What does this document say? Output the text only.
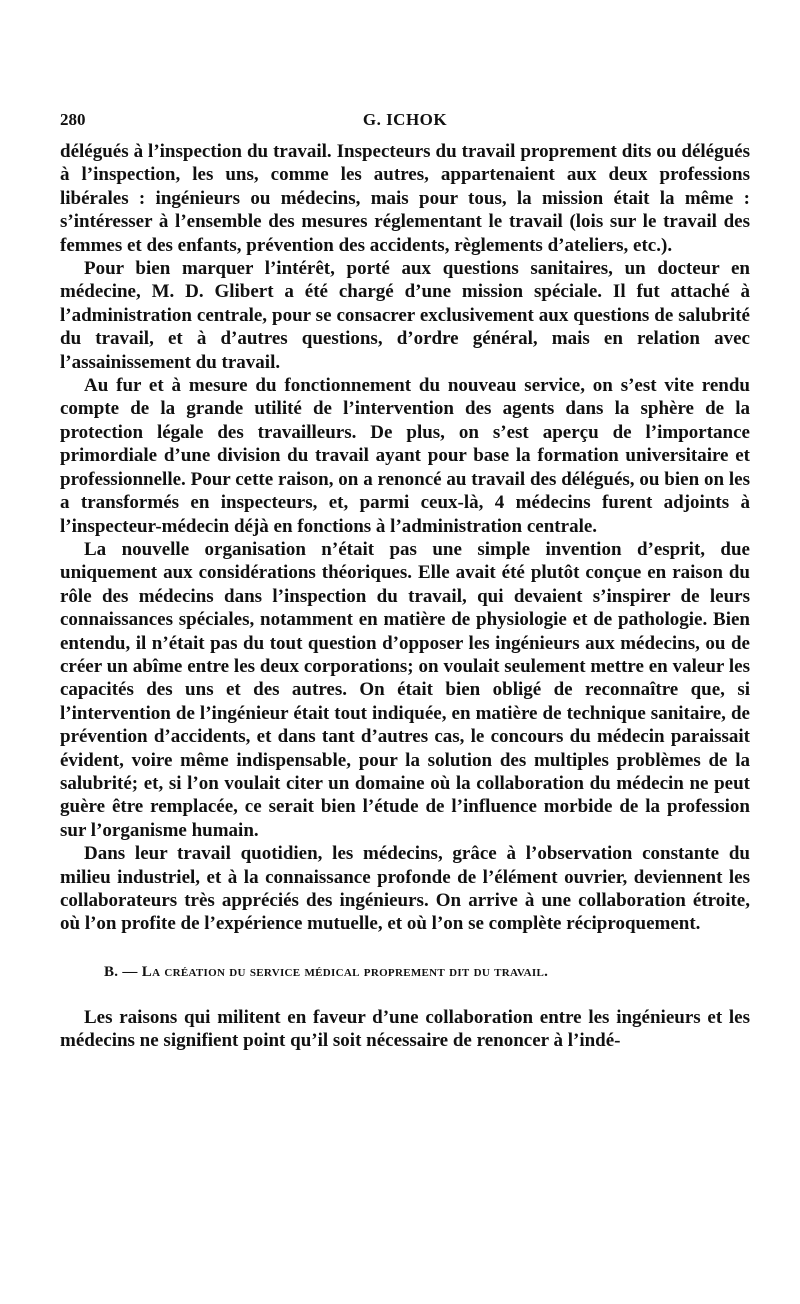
280	G. ICHOK

délégués à l’inspection du travail. Inspecteurs du travail proprement dits ou délégués à l’inspection, les uns, comme les autres, appartenaient aux deux professions libérales : ingénieurs ou médecins, mais pour tous, la mission était la même : s’intéresser à l’ensemble des mesures réglementant le travail (lois sur le travail des femmes et des enfants, prévention des accidents, règlements d’ateliers, etc.).

Pour bien marquer l’intérêt, porté aux questions sanitaires, un docteur en médecine, M. D. Glibert a été chargé d’une mission spéciale. Il fut attaché à l’administration centrale, pour se consacrer exclusivement aux questions de salubrité du travail, et à d’autres questions, d’ordre général, mais en relation avec l’assainissement du travail.

Au fur et à mesure du fonctionnement du nouveau service, on s’est vite rendu compte de la grande utilité de l’intervention des agents dans la sphère de la protection légale des travailleurs. De plus, on s’est aperçu de l’importance primordiale d’une division du travail ayant pour base la formation universitaire et professionnelle. Pour cette raison, on a renoncé au travail des délégués, ou bien on les a transformés en inspecteurs, et, parmi ceux-là, 4 médecins furent adjoints à l’inspecteur-médecin déjà en fonctions à l’administration centrale.

La nouvelle organisation n’était pas une simple invention d’esprit, due uniquement aux considérations théoriques. Elle avait été plutôt conçue en raison du rôle des médecins dans l’inspection du travail, qui devaient s’inspirer de leurs connaissances spéciales, notamment en matière de physiologie et de pathologie. Bien entendu, il n’était pas du tout question d’opposer les ingénieurs aux médecins, ou de créer un abîme entre les deux corporations; on voulait seulement mettre en valeur les capacités des uns et des autres. On était bien obligé de reconnaître que, si l’intervention de l’ingénieur était tout indiquée, en matière de technique sanitaire, de prévention d’accidents, et dans tant d’autres cas, le concours du médecin paraissait évident, voire même indispensable, pour la solution des multiples problèmes de la salubrité; et, si l’on voulait citer un domaine où la collaboration du médecin ne peut guère être remplacée, ce serait bien l’étude de l’influence morbide de la profession sur l’organisme humain.

Dans leur travail quotidien, les médecins, grâce à l’observation constante du milieu industriel, et à la connaissance profonde de l’élément ouvrier, deviennent les collaborateurs très appréciés des ingénieurs. On arrive à une collaboration étroite, où l’on profite de l’expérience mutuelle, et où l’on se complète réciproquement.

B. — La création du service médical proprement dit du travail.

Les raisons qui militent en faveur d’une collaboration entre les ingénieurs et les médecins ne signifient point qu’il soit nécessaire de renoncer à l’indé-
